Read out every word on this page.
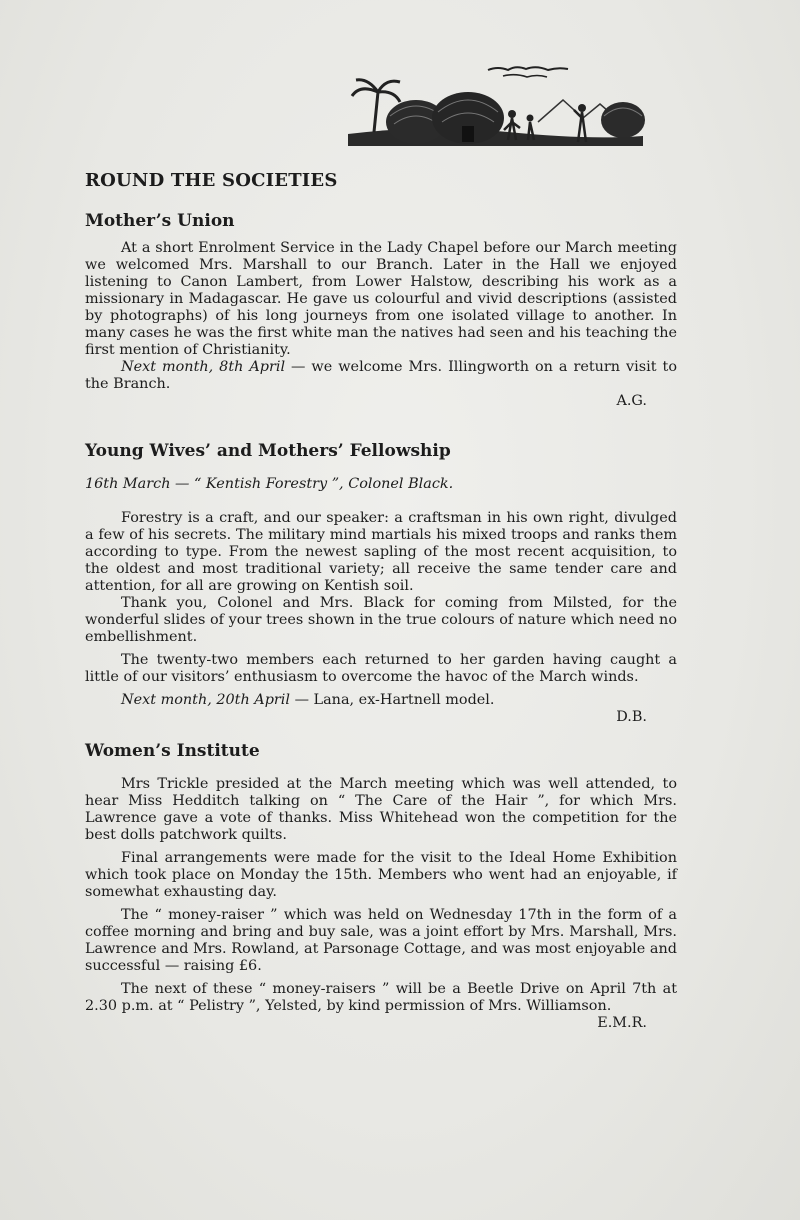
ROUND THE SOCIETIES
Mother’s Union

At a short Enrolment Service in the Lady Chapel before our March meeting we welcomed Mrs. Marshall to our Branch. Later in the Hall we enjoyed listening to Canon Lambert, from Lower Halstow, describing his work as a missionary in Madagascar. He gave us colourful and vivid descriptions (assisted by photographs) of his long journeys from one isolated village to another. In many cases he was the first white man the natives had seen and his teaching the first mention of Christianity.

Next month, 8th April — we welcome Mrs. Illingworth on a return visit to the Branch.

A.G.
Young Wives’ and Mothers’ Fellowship

16th March — “ Kentish Forestry ”, Colonel Black.

Forestry is a craft, and our speaker: a craftsman in his own right, divulged a few of his secrets. The military mind martials his mixed troops and ranks them according to type. From the newest sapling of the most recent acquisition, to the oldest and most traditional variety; all receive the same tender care and attention, for all are growing on Kentish soil.

Thank you, Colonel and Mrs. Black for coming from Milsted, for the wonderful slides of your trees shown in the true colours of nature which need no embellishment.

The twenty-two members each returned to her garden having caught a little of our visitors’ enthusiasm to overcome the havoc of the March winds.

Next month, 20th April — Lana, ex-Hartnell model.

D.B.
Women’s Institute

Mrs Trickle presided at the March meeting which was well attended, to hear Miss Hedditch talking on “ The Care of the Hair ”, for which Mrs. Lawrence gave a vote of thanks. Miss Whitehead won the competition for the best dolls patchwork quilts.

Final arrangements were made for the visit to the Ideal Home Exhibition which took place on Monday the 15th. Members who went had an enjoyable, if somewhat exhausting day.

The “ money-raiser ” which was held on Wednesday 17th in the form of a coffee morning and bring and buy sale, was a joint effort by Mrs. Marshall, Mrs. Lawrence and Mrs. Rowland, at Parsonage Cottage, and was most enjoyable and successful — raising £6.

The next of these “ money-raisers ” will be a Beetle Drive on April 7th at 2.30 p.m. at “ Pelistry ”, Yelsted, by kind permission of Mrs. Williamson.

E.M.R.
